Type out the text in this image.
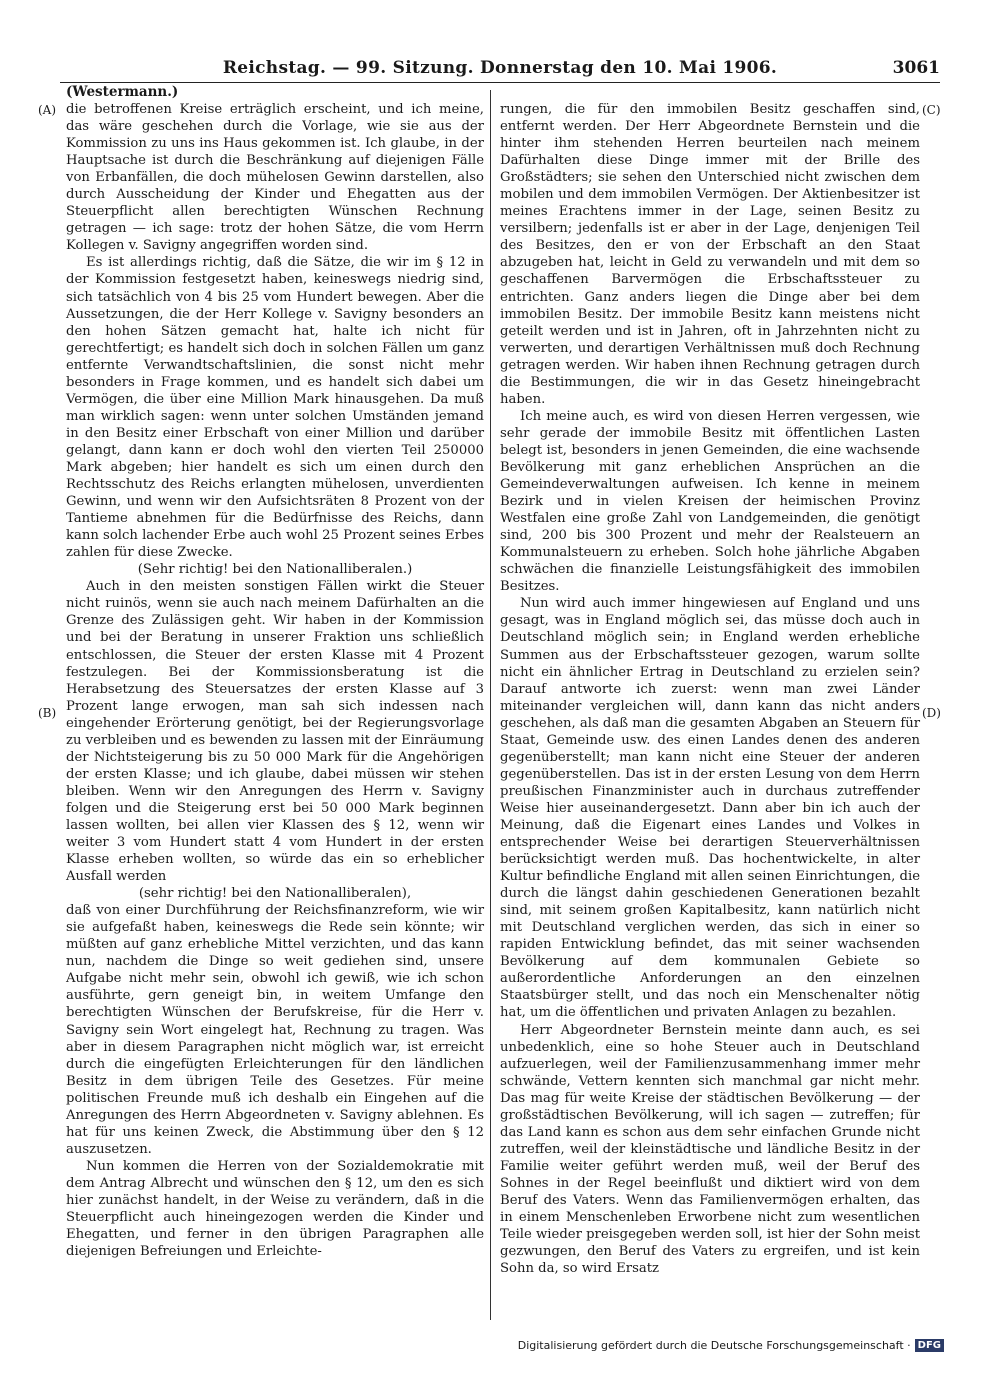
Reichstag. — 99. Sitzung. Donnerstag den 10. Mai 1906.	3061
(Westermann.)
(A)
(B)
(C)
(D)

die betroffenen Kreise erträglich erscheint, und ich meine, das wäre geschehen durch die Vorlage, wie sie aus der Kommission zu uns ins Haus gekommen ist. Ich glaube, in der Hauptsache ist durch die Beschränkung auf diejenigen Fälle von Erbanfällen, die doch mühelosen Gewinn darstellen, also durch Ausscheidung der Kinder und Ehegatten aus der Steuerpflicht allen berechtigten Wünschen Rechnung getragen — ich sage: trotz der hohen Sätze, die vom Herrn Kollegen v. Savigny angegriffen worden sind.

Es ist allerdings richtig, daß die Sätze, die wir im § 12 in der Kommission festgesetzt haben, keineswegs niedrig sind, sich tatsächlich von 4 bis 25 vom Hundert bewegen. Aber die Aussetzungen, die der Herr Kollege v. Savigny besonders an den hohen Sätzen gemacht hat, halte ich nicht für gerechtfertigt; es handelt sich doch in solchen Fällen um ganz entfernte Verwandtschaftslinien, die sonst nicht mehr besonders in Frage kommen, und es handelt sich dabei um Vermögen, die über eine Million Mark hinausgehen. Da muß man wirklich sagen: wenn unter solchen Umständen jemand in den Besitz einer Erbschaft von einer Million und darüber gelangt, dann kann er doch wohl den vierten Teil 250000 Mark abgeben; hier handelt es sich um einen durch den Rechtsschutz des Reichs erlangten mühelosen, unverdienten Gewinn, und wenn wir den Aufsichtsräten 8 Prozent von der Tantieme abnehmen für die Bedürfnisse des Reichs, dann kann solch lachender Erbe auch wohl 25 Prozent seines Erbes zahlen für diese Zwecke.

(Sehr richtig! bei den Nationalliberalen.)

Auch in den meisten sonstigen Fällen wirkt die Steuer nicht ruinös, wenn sie auch nach meinem Dafürhalten an die Grenze des Zulässigen geht. Wir haben in der Kommission und bei der Beratung in unserer Fraktion uns schließlich entschlossen, die Steuer der ersten Klasse mit 4 Prozent festzulegen. Bei der Kommissionsberatung ist die Herabsetzung des Steuersatzes der ersten Klasse auf 3 Prozent lange erwogen, man sah sich indessen nach eingehender Erörterung genötigt, bei der Regierungsvorlage zu verbleiben und es bewenden zu lassen mit der Einräumung der Nichtsteigerung bis zu 50 000 Mark für die Angehörigen der ersten Klasse; und ich glaube, dabei müssen wir stehen bleiben. Wenn wir den Anregungen des Herrn v. Savigny folgen und die Steigerung erst bei 50 000 Mark beginnen lassen wollten, bei allen vier Klassen des § 12, wenn wir weiter 3 vom Hundert statt 4 vom Hundert in der ersten Klasse erheben wollten, so würde das ein so erheblicher Ausfall werden

(sehr richtig! bei den Nationalliberalen),

daß von einer Durchführung der Reichsfinanzreform, wie wir sie aufgefaßt haben, keineswegs die Rede sein könnte; wir müßten auf ganz erhebliche Mittel verzichten, und das kann nun, nachdem die Dinge so weit gediehen sind, unsere Aufgabe nicht mehr sein, obwohl ich gewiß, wie ich schon ausführte, gern geneigt bin, in weitem Umfange den berechtigten Wünschen der Berufskreise, für die Herr v. Savigny sein Wort eingelegt hat, Rechnung zu tragen. Was aber in diesem Paragraphen nicht möglich war, ist erreicht durch die eingefügten Erleichterungen für den ländlichen Besitz in dem übrigen Teile des Gesetzes. Für meine politischen Freunde muß ich deshalb ein Eingehen auf die Anregungen des Herrn Abgeordneten v. Savigny ablehnen. Es hat für uns keinen Zweck, die Abstimmung über den § 12 auszusetzen.

Nun kommen die Herren von der Sozialdemokratie mit dem Antrag Albrecht und wünschen den § 12, um den es sich hier zunächst handelt, in der Weise zu verändern, daß in die Steuerpflicht auch hineingezogen werden die Kinder und Ehegatten, und ferner in den übrigen Paragraphen alle diejenigen Befreiungen und Erleichte-

rungen, die für den immobilen Besitz geschaffen sind, entfernt werden. Der Herr Abgeordnete Bernstein und die hinter ihm stehenden Herren beurteilen nach meinem Dafürhalten diese Dinge immer mit der Brille des Großstädters; sie sehen den Unterschied nicht zwischen dem mobilen und dem immobilen Vermögen. Der Aktienbesitzer ist meines Erachtens immer in der Lage, seinen Besitz zu versilbern; jedenfalls ist er aber in der Lage, denjenigen Teil des Besitzes, den er von der Erbschaft an den Staat abzugeben hat, leicht in Geld zu verwandeln und mit dem so geschaffenen Barvermögen die Erbschaftssteuer zu entrichten. Ganz anders liegen die Dinge aber bei dem immobilen Besitz. Der immobile Besitz kann meistens nicht geteilt werden und ist in Jahren, oft in Jahrzehnten nicht zu verwerten, und derartigen Verhältnissen muß doch Rechnung getragen werden. Wir haben ihnen Rechnung getragen durch die Bestimmungen, die wir in das Gesetz hineingebracht haben.

Ich meine auch, es wird von diesen Herren vergessen, wie sehr gerade der immobile Besitz mit öffentlichen Lasten belegt ist, besonders in jenen Gemeinden, die eine wachsende Bevölkerung mit ganz erheblichen Ansprüchen an die Gemeindeverwaltungen aufweisen. Ich kenne in meinem Bezirk und in vielen Kreisen der heimischen Provinz Westfalen eine große Zahl von Landgemeinden, die genötigt sind, 200 bis 300 Prozent und mehr der Realsteuern an Kommunalsteuern zu erheben. Solch hohe jährliche Abgaben schwächen die finanzielle Leistungsfähigkeit des immobilen Besitzes.

Nun wird auch immer hingewiesen auf England und uns gesagt, was in England möglich sei, das müsse doch auch in Deutschland möglich sein; in England werden erhebliche Summen aus der Erbschaftssteuer gezogen, warum sollte nicht ein ähnlicher Ertrag in Deutschland zu erzielen sein? Darauf antworte ich zuerst: wenn man zwei Länder miteinander vergleichen will, dann kann das nicht anders geschehen, als daß man die gesamten Abgaben an Steuern für Staat, Gemeinde usw. des einen Landes denen des anderen gegenüberstellt; man kann nicht eine Steuer der anderen gegenüberstellen. Das ist in der ersten Lesung von dem Herrn preußischen Finanzminister auch in durchaus zutreffender Weise hier auseinandergesetzt. Dann aber bin ich auch der Meinung, daß die Eigenart eines Landes und Volkes in entsprechender Weise bei derartigen Steuerverhältnissen berücksichtigt werden muß. Das hochentwickelte, in alter Kultur befindliche England mit allen seinen Einrichtungen, die durch die längst dahin geschiedenen Generationen bezahlt sind, mit seinem großen Kapitalbesitz, kann natürlich nicht mit Deutschland verglichen werden, das sich in einer so rapiden Entwicklung befindet, das mit seiner wachsenden Bevölkerung auf dem kommunalen Gebiete so außerordentliche Anforderungen an den einzelnen Staatsbürger stellt, und das noch ein Menschenalter nötig hat, um die öffentlichen und privaten Anlagen zu bezahlen.

Herr Abgeordneter Bernstein meinte dann auch, es sei unbedenklich, eine so hohe Steuer auch in Deutschland aufzuerlegen, weil der Familienzusammenhang immer mehr schwände, Vettern kennten sich manchmal gar nicht mehr. Das mag für weite Kreise der städtischen Bevölkerung — der großstädtischen Bevölkerung, will ich sagen — zutreffen; für das Land kann es schon aus dem sehr einfachen Grunde nicht zutreffen, weil der kleinstädtische und ländliche Besitz in der Familie weiter geführt werden muß, weil der Beruf des Sohnes in der Regel beeinflußt und diktiert wird von dem Beruf des Vaters. Wenn das Familienvermögen erhalten, das in einem Menschenleben Erworbene nicht zum wesentlichen Teile wieder preisgegeben werden soll, ist hier der Sohn meist gezwungen, den Beruf des Vaters zu ergreifen, und ist kein Sohn da, so wird Ersatz

Digitalisierung gefördert durch die Deutsche Forschungsgemeinschaft · DFG
